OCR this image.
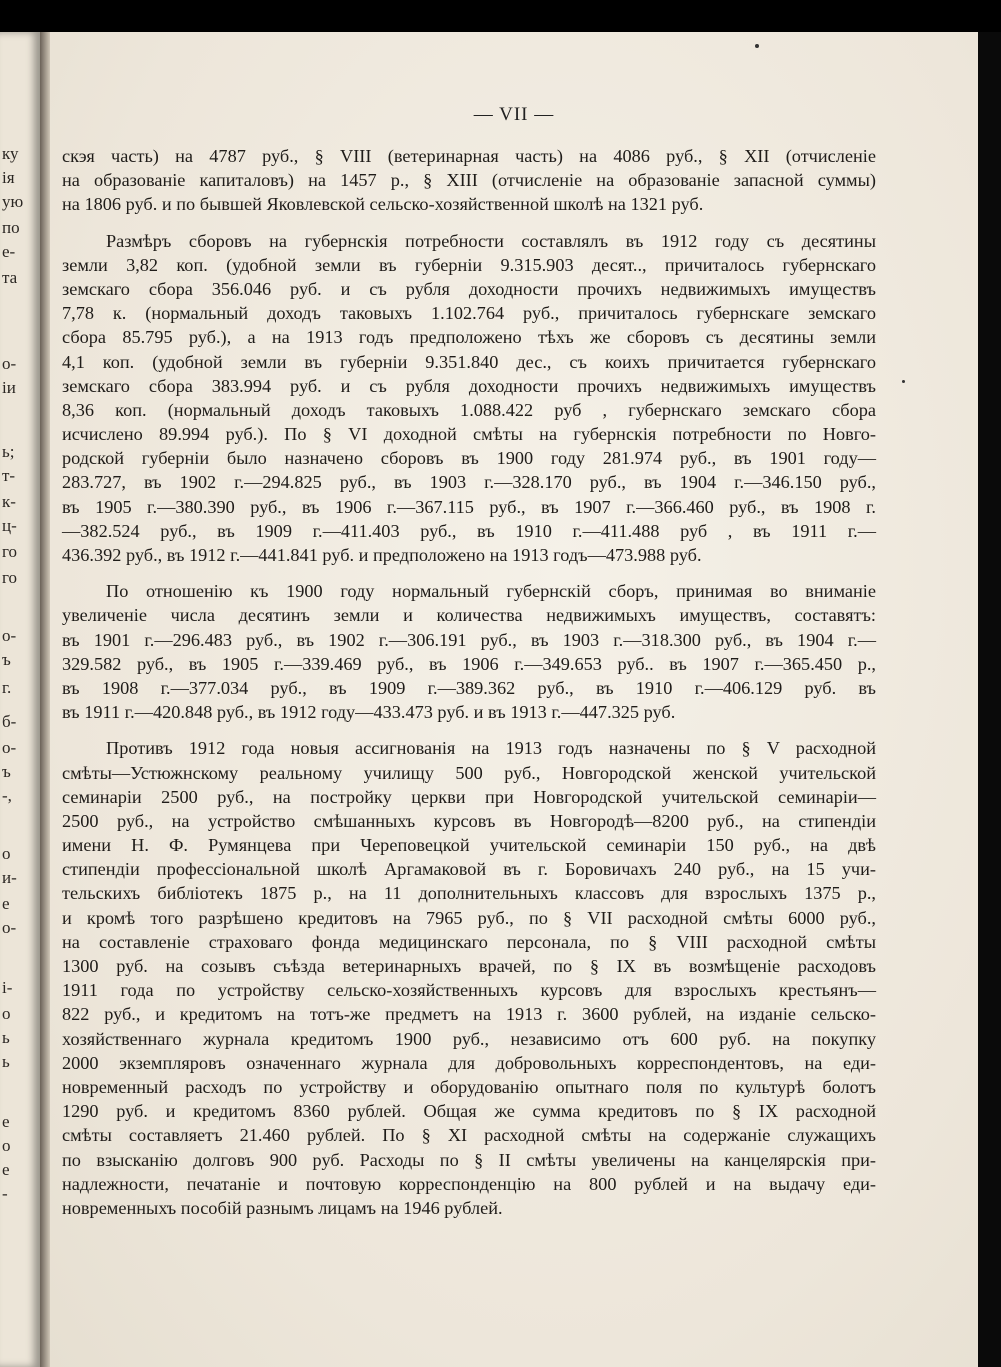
ку
ія
ую
по
е-
та
о-
іи
ь;
т-
к-
ц-
го
го
о-
ъ
г.
б-
о-
ъ
-,
о
и-
е
о-
і-
о
ь
ь
е
о
е
-
— VII —
скэя часть) на 4787 руб., § VIII (ветеринарная часть) на 4086 руб., § XII (отчисленіе
на образованіе капиталовъ) на 1457 р., § XIII (отчисленіе на образованіе запасной суммы)
на 1806 руб. и по бывшей Яковлевской сельско-хозяйственной школѣ на 1321 руб.
Размѣръ сборовъ на губернскія потребности составлялъ въ 1912 году съ десятины
земли 3,82 коп. (удобной земли въ губерніи 9.315.903 десят.., причиталось губернскаго
земскаго сбора 356.046 руб. и съ рубля доходности прочихъ недвижимыхъ имуществъ
7,78 к. (нормальный доходъ таковыхъ 1.102.764 руб., причиталось губернскаге земскаго
сбора 85.795 руб.), а на 1913 годъ предположено тѣхъ же сборовъ съ десятины земли
4,1 коп. (удобной земли въ губерніи 9.351.840 дес., съ коихъ причитается губернскаго
земскаго сбора 383.994 руб. и съ рубля доходности прочихъ недвижимыхъ имуществъ
8,36 коп. (нормальный доходъ таковыхъ 1.088.422 руб , губернскаго земскаго сбора
исчислено 89.994 руб.). По § VI доходной смѣты на губернскія потребности по Новго-
родской губерніи было назначено сборовъ въ 1900 году 281.974 руб., въ 1901 году—
283.727, въ 1902 г.—294.825 руб., въ 1903 г.—328.170 руб., въ 1904 г.—346.150 руб.,
въ 1905 г.—380.390 руб., въ 1906 г.—367.115 руб., въ 1907 г.—366.460 руб., въ 1908 г.
—382.524 руб., въ 1909 г.—411.403 руб., въ 1910 г.—411.488 руб , въ 1911 г.—
436.392 руб., въ 1912 г.—441.841 руб. и предположено на 1913 годъ—473.988 руб.
По отношенію къ 1900 году нормальный губернскій сборъ, принимая во вниманіе
увеличеніе числа десятинъ земли и количества недвижимыхъ имуществъ, составятъ:
въ 1901 г.—296.483 руб., въ 1902 г.—306.191 руб., въ 1903 г.—318.300 руб., въ 1904 г.—
329.582 руб., въ 1905 г.—339.469 руб., въ 1906 г.—349.653 руб.. въ 1907 г.—365.450 р.,
въ 1908 г.—377.034 руб., въ 1909 г.—389.362 руб., въ 1910 г.—406.129 руб. въ
въ 1911 г.—420.848 руб., въ 1912 году—433.473 руб. и въ 1913 г.—447.325 руб.
Противъ 1912 года новыя ассигнованія на 1913 годъ назначены по § V расходной
смѣты—Устюжнскому реальному училищу 500 руб., Новгородской женской учительской
семинаріи 2500 руб., на постройку церкви при Новгородской учительской семинаріи—
2500 руб., на устройство смѣшанныхъ курсовъ въ Новгородѣ—8200 руб., на стипендіи
имени Н. Ф. Румянцева при Череповецкой учительской семинаріи 150 руб., на двѣ
стипендіи профессіональной школѣ Аргамаковой въ г. Боровичахъ 240 руб., на 15 учи-
тельскихъ библіотекъ 1875 р., на 11 дополнительныхъ классовъ для взрослыхъ 1375 р.,
и кромѣ того разрѣшено кредитовъ на 7965 руб., по § VII расходной смѣты 6000 руб.,
на составленіе страховаго фонда медицинскаго персонала, по § VIII расходной смѣты
1300 руб. на созывъ съѣзда ветеринарныхъ врачей, по § IX въ возмѣщеніе расходовъ
1911 года по устройству сельско-хозяйственныхъ курсовъ для взрослыхъ крестьянъ—
822 руб., и кредитомъ на тотъ-же предметъ на 1913 г. 3600 рублей, на изданіе сельско-
хозяйственнаго журнала кредитомъ 1900 руб., независимо отъ 600 руб. на покупку
2000 экземпляровъ означеннаго журнала для добровольныхъ корреспондентовъ, на еди-
новременный расходъ по устройству и оборудованію опытнаго поля по культурѣ болотъ
1290 руб. и кредитомъ 8360 рублей. Общая же сумма кредитовъ по § IX расходной
смѣты составляетъ 21.460 рублей. По § XI расходной смѣты на содержаніе служащихъ
по взысканію долговъ 900 руб. Расходы по § II смѣты увеличены на канцелярскія при-
надлежности, печатаніе и почтовую корреспонденцію на 800 рублей и на выдачу еди-
новременныхъ пособій разнымъ лицамъ на 1946 рублей.
